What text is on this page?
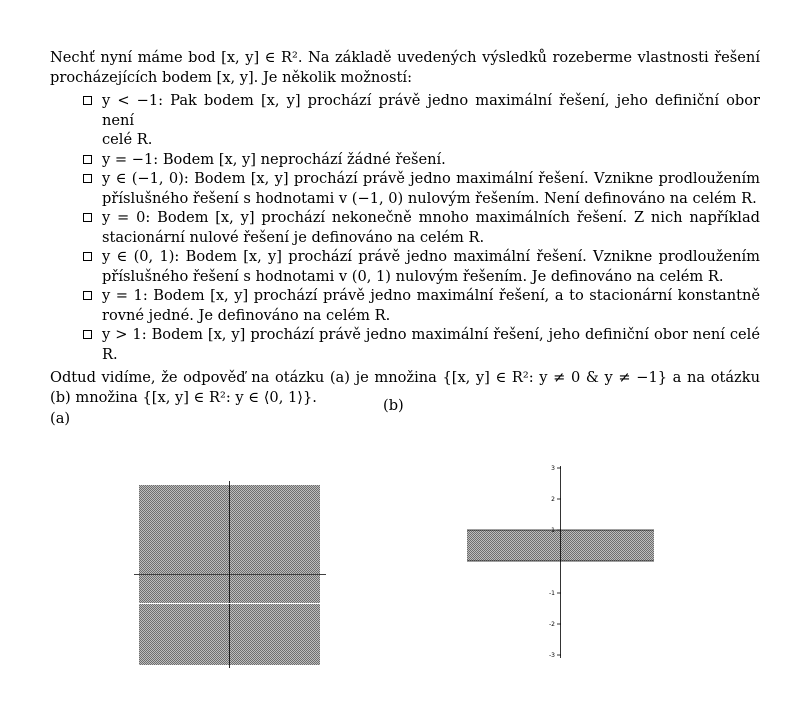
Nechť nyní máme bod [x, y] ∈ R². Na základě uvedených výsledků rozeberme vlastnosti řešení
procházejících bodem [x, y]. Je několik možností:
y < −1: Pak bodem [x, y] prochází právě jedno maximální řešení, jeho definiční obor není
celé R.
y = −1: Bodem [x, y] neprochází žádné řešení.
y ∈ (−1, 0): Bodem [x, y] prochází právě jedno maximální řešení. Vznikne prodloužením
příslušného řešení s hodnotami v (−1, 0) nulovým řešením. Není definováno na celém R.
y = 0: Bodem [x, y] prochází nekonečně mnoho maximálních řešení. Z nich například
stacionární nulové řešení je definováno na celém R.
y ∈ (0, 1): Bodem [x, y] prochází právě jedno maximální řešení. Vznikne prodloužením
příslušného řešení s hodnotami v (0, 1) nulovým řešením. Je definováno na celém R.
y = 1: Bodem [x, y] prochází právě jedno maximální řešení, a to stacionární konstantně
rovné jedné. Je definováno na celém R.
y > 1: Bodem [x, y] prochází právě jedno maximální řešení, jeho definiční obor není celé
R.
Odtud vidíme, že odpověď na otázku (a) je množina {[x, y] ∈ R²: y ≠ 0 & y ≠ −1} a na otázku
(b) množina {[x, y] ∈ R²: y ∈ ⟨0, 1⟩}.
(a)
(b)
3
2
1
-1
-2
-3
